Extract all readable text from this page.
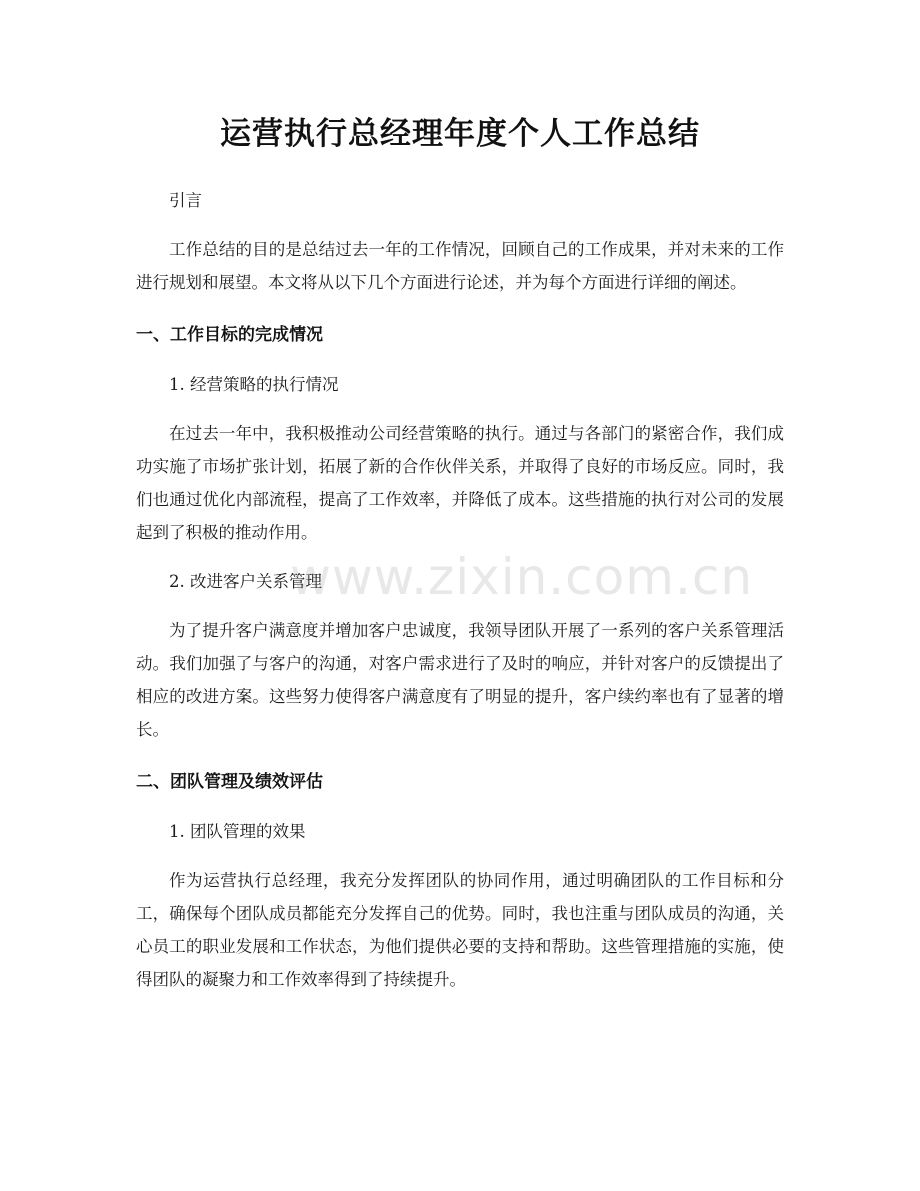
运营执行总经理年度个人工作总结

引言

工作总结的目的是总结过去一年的工作情况，回顾自己的工作成果，并对未来的工作进行规划和展望。本文将从以下几个方面进行论述，并为每个方面进行详细的阐述。

一、工作目标的完成情况

1. 经营策略的执行情况

在过去一年中，我积极推动公司经营策略的执行。通过与各部门的紧密合作，我们成功实施了市场扩张计划，拓展了新的合作伙伴关系，并取得了良好的市场反应。同时，我们也通过优化内部流程，提高了工作效率，并降低了成本。这些措施的执行对公司的发展起到了积极的推动作用。

2. 改进客户关系管理

为了提升客户满意度并增加客户忠诚度，我领导团队开展了一系列的客户关系管理活动。我们加强了与客户的沟通，对客户需求进行了及时的响应，并针对客户的反馈提出了相应的改进方案。这些努力使得客户满意度有了明显的提升，客户续约率也有了显著的增长。

二、团队管理及绩效评估

1. 团队管理的效果

作为运营执行总经理，我充分发挥团队的协同作用，通过明确团队的工作目标和分工，确保每个团队成员都能充分发挥自己的优势。同时，我也注重与团队成员的沟通，关心员工的职业发展和工作状态，为他们提供必要的支持和帮助。这些管理措施的实施，使得团队的凝聚力和工作效率得到了持续提升。

www.zixin.com.cn
